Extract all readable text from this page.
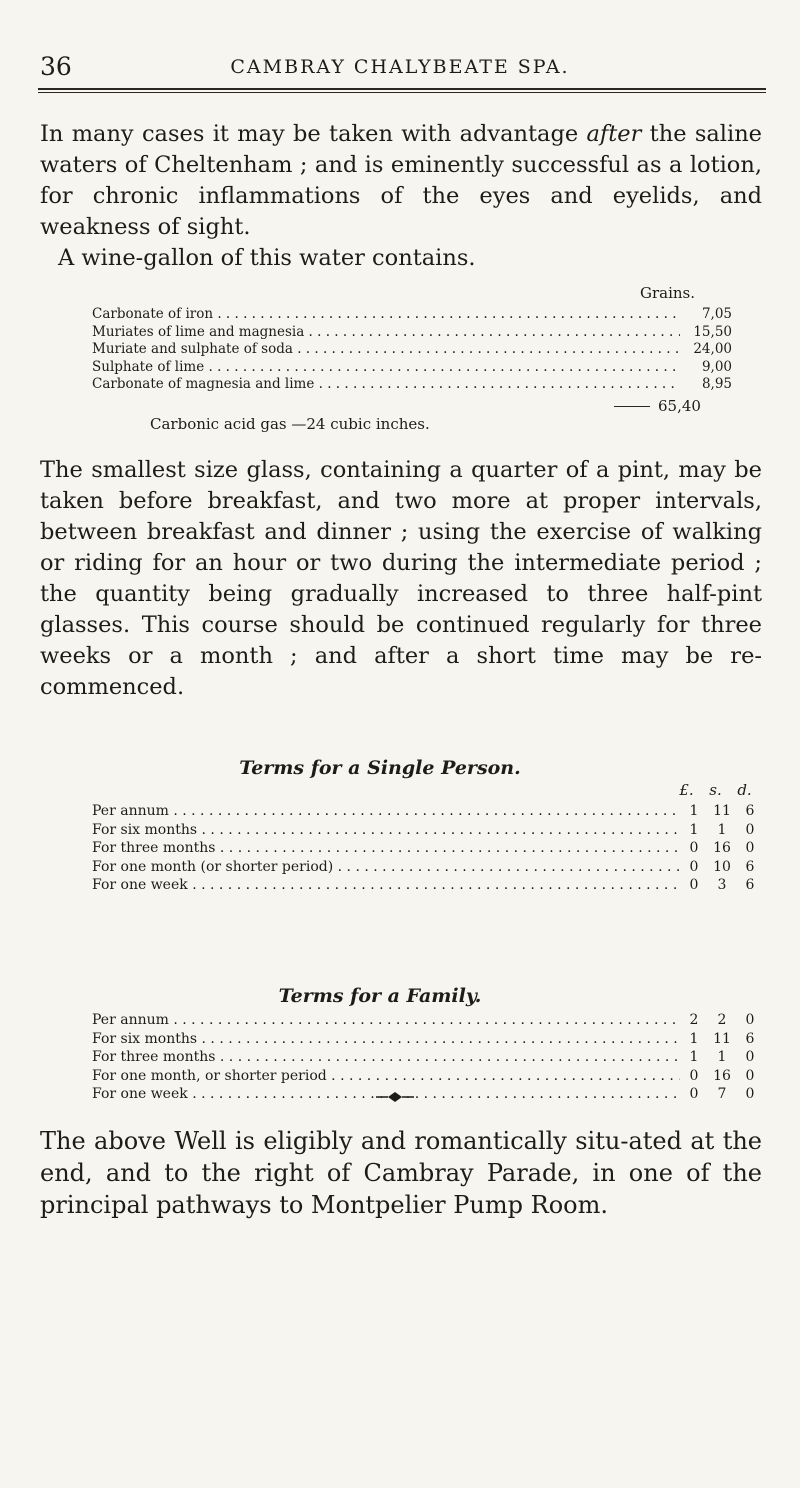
36	CAMBRAY CHALYBEATE SPA.

In many cases it may be taken with advantage after the saline waters of Cheltenham ; and is eminently successful as a lotion, for chronic inflammations of the eyes and eyelids, and weakness of sight.

A wine-gallon of this water contains.

Grains.
Carbonate of iron . . .	7,05
Muriates of lime and magnesia . . .	15,50
Muriate and sulphate of soda . . .	24,00
Sulphate of lime . . .	9,00
Carbonate of magnesia and lime . . .	8,95
65,40
Carbonic acid gas —24 cubic inches.

The smallest size glass, containing a quarter of a pint, may be taken before breakfast, and two more at proper intervals, between breakfast and dinner ; using the exercise of walking or riding for an hour or two during the intermediate period ; the quantity being gradually increased to three half-pint glasses. This course should be continued regularly for three weeks or a month ; and after a short time may be re-commenced.

Terms for a Single Person.
£.	s.	d.
Per annum . . .	1	11	6
For six months . . .	1	1	0
For three months . . .	0	16	0
For one month (or shorter period) . . .	0	10	6
For one week . . .	0	3	6
Terms for a Family.
Per annum . . .	2	2	0
For six months . . .	1	11	6
For three months . . .	1	1	0
For one month, or shorter period . . .	0	16	0
For one week . . .	0	7	0

The above Well is eligibly and romantically situ-ated at the end, and to the right of Cambray Parade, in one of the principal pathways to Montpelier Pump Room.
